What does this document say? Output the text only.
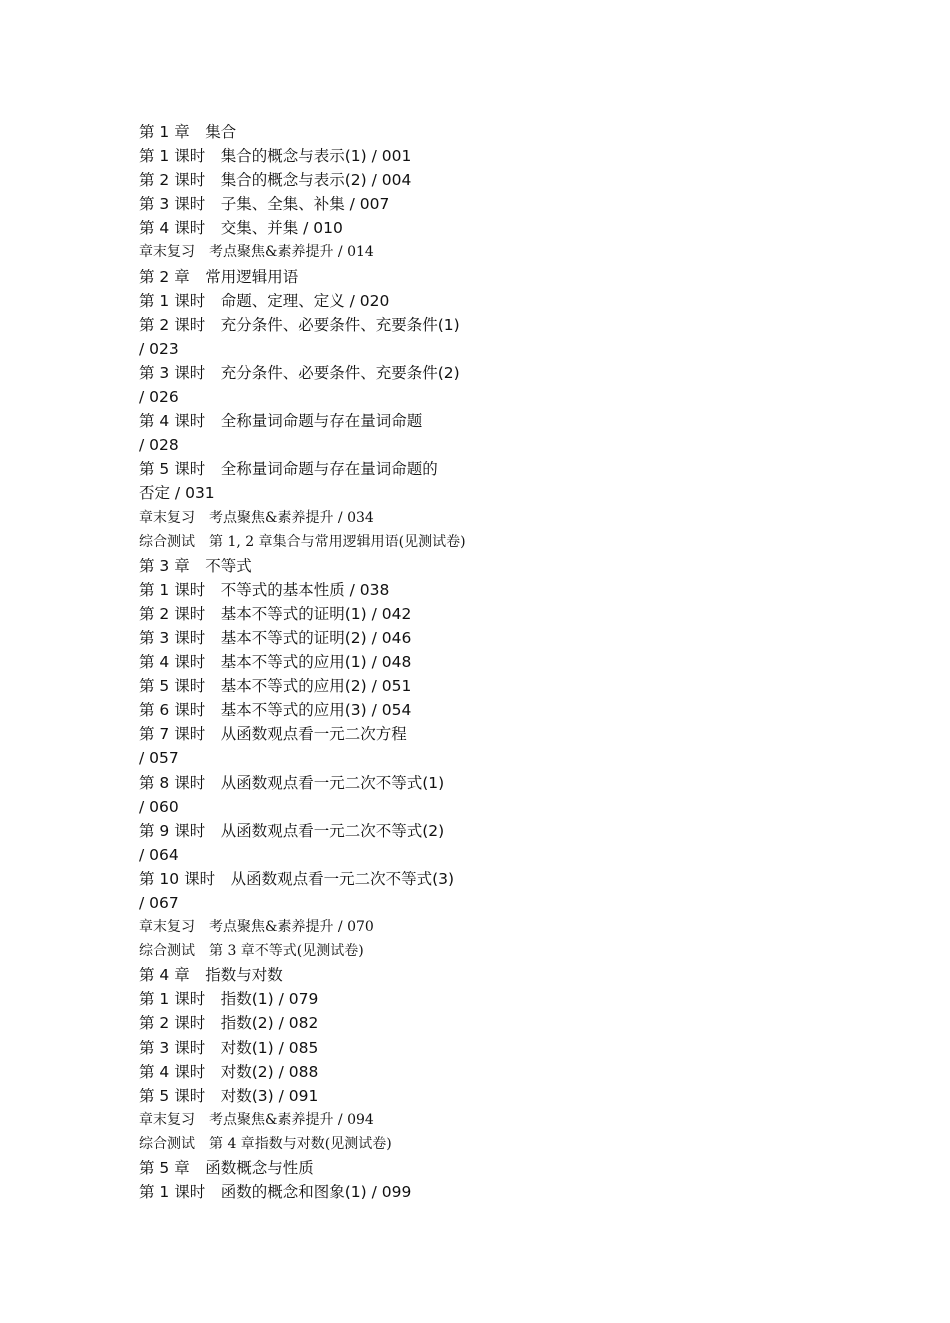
第 1 章　集合
第 1 课时　集合的概念与表示(1) / 001
第 2 课时　集合的概念与表示(2) / 004
第 3 课时　子集、全集、补集 / 007
第 4 课时　交集、并集 / 010
章末复习　考点聚焦&素养提升 / 014
第 2 章　常用逻辑用语
第 1 课时　命题、定理、定义 / 020
第 2 课时　充分条件、必要条件、充要条件(1)
/ 023
第 3 课时　充分条件、必要条件、充要条件(2)
/ 026
第 4 课时　全称量词命题与存在量词命题
/ 028
第 5 课时　全称量词命题与存在量词命题的
否定 / 031
章末复习　考点聚焦&素养提升 / 034
综合测试　第 1, 2 章集合与常用逻辑用语(见测试卷)
第 3 章　不等式
第 1 课时　不等式的基本性质 / 038
第 2 课时　基本不等式的证明(1) / 042
第 3 课时　基本不等式的证明(2) / 046
第 4 课时　基本不等式的应用(1) / 048
第 5 课时　基本不等式的应用(2) / 051
第 6 课时　基本不等式的应用(3) / 054
第 7 课时　从函数观点看一元二次方程
/ 057
第 8 课时　从函数观点看一元二次不等式(1)
/ 060
第 9 课时　从函数观点看一元二次不等式(2)
/ 064
第 10 课时　从函数观点看一元二次不等式(3)
/ 067
章末复习　考点聚焦&素养提升 / 070
综合测试　第 3 章不等式(见测试卷)
第 4 章　指数与对数
第 1 课时　指数(1) / 079
第 2 课时　指数(2) / 082
第 3 课时　对数(1) / 085
第 4 课时　对数(2) / 088
第 5 课时　对数(3) / 091
章末复习　考点聚焦&素养提升 / 094
综合测试　第 4 章指数与对数(见测试卷)
第 5 章　函数概念与性质
第 1 课时　函数的概念和图象(1) / 099
